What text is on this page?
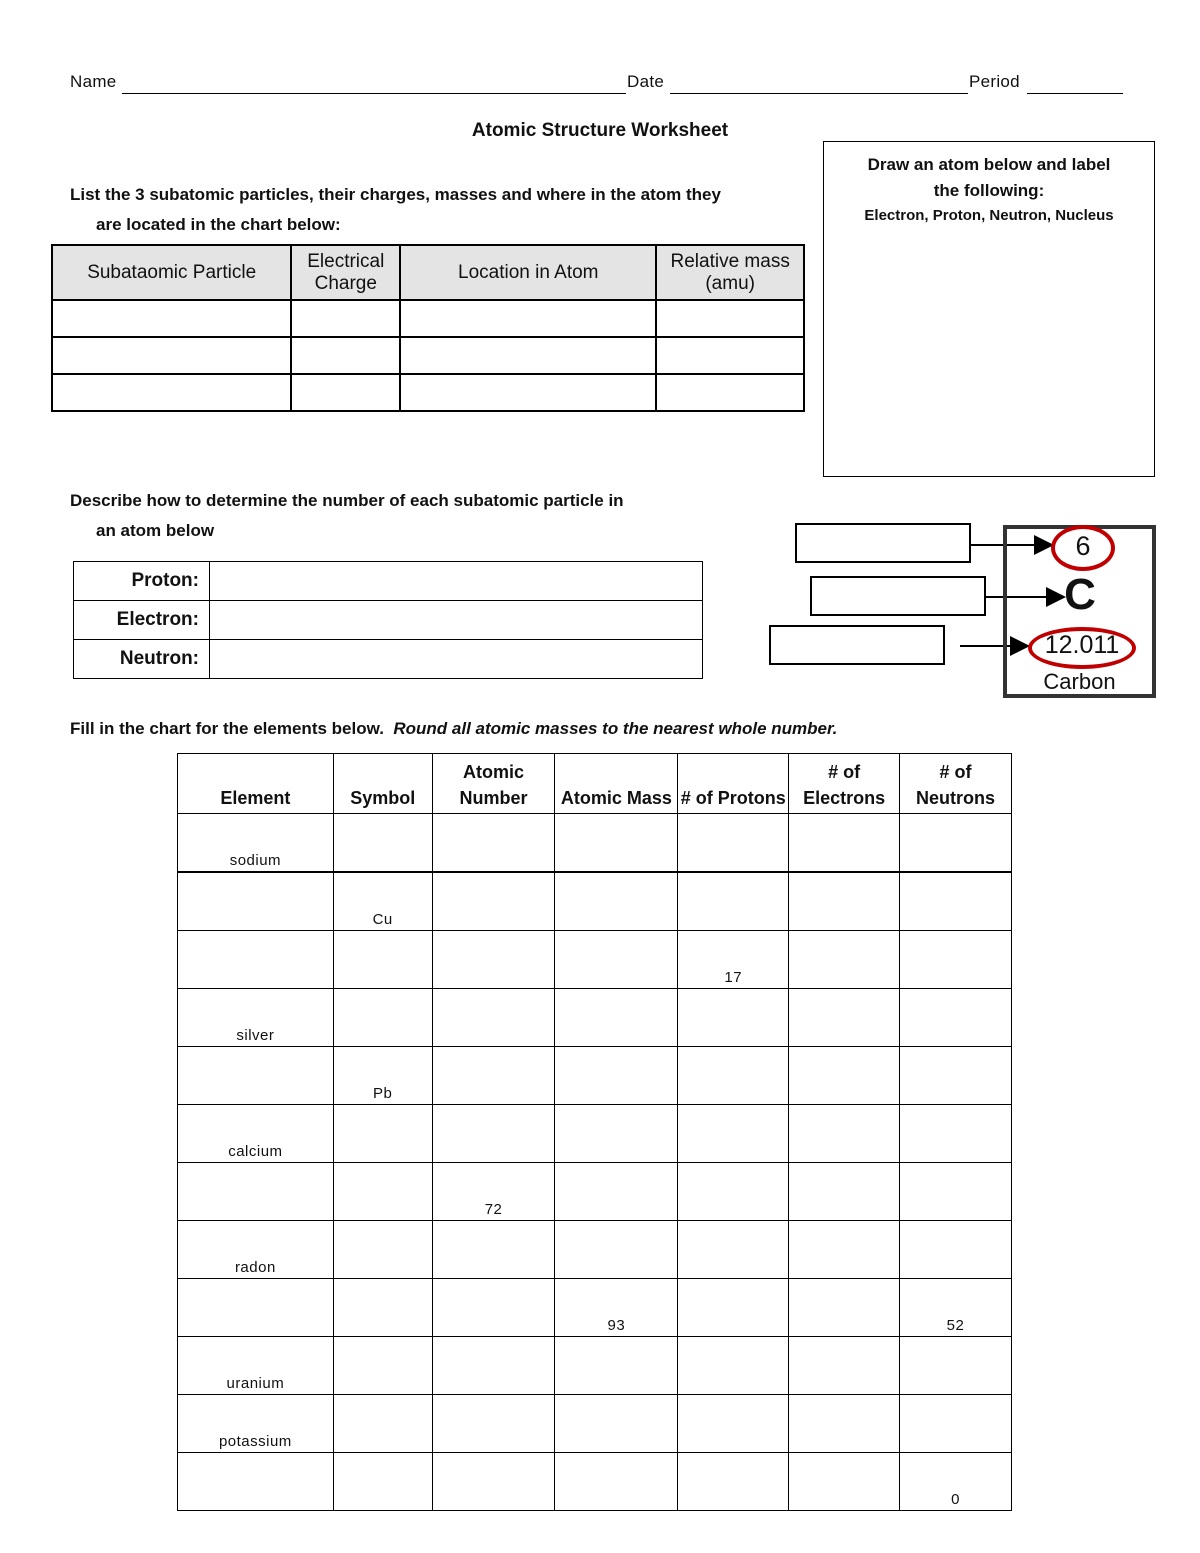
Name	Date	Period
Atomic Structure Worksheet
List the 3 subatomic particles, their charges, masses and where in the atom they
are located in the chart below:
Subataomic Particle	Electrical Charge	Location in Atom	Relative mass (amu)

Draw an atom below and label
the following:
Electron, Proton, Neutron, Nucleus
Describe how to determine the number of each subatomic particle in
an atom below
Proton:	
Electron:	
Neutron:	
6
C
12.011
Carbon
Fill in the chart for the elements below. Round all atomic masses to the nearest whole number.
Element	Symbol	Atomic Number	Atomic Mass	# of Protons	# of Electrons	# of Neutrons
sodium						
	Cu					
				17		
silver						
	Pb					
calcium						
		72				
radon						
			93			52
uranium						
potassium						
						0
